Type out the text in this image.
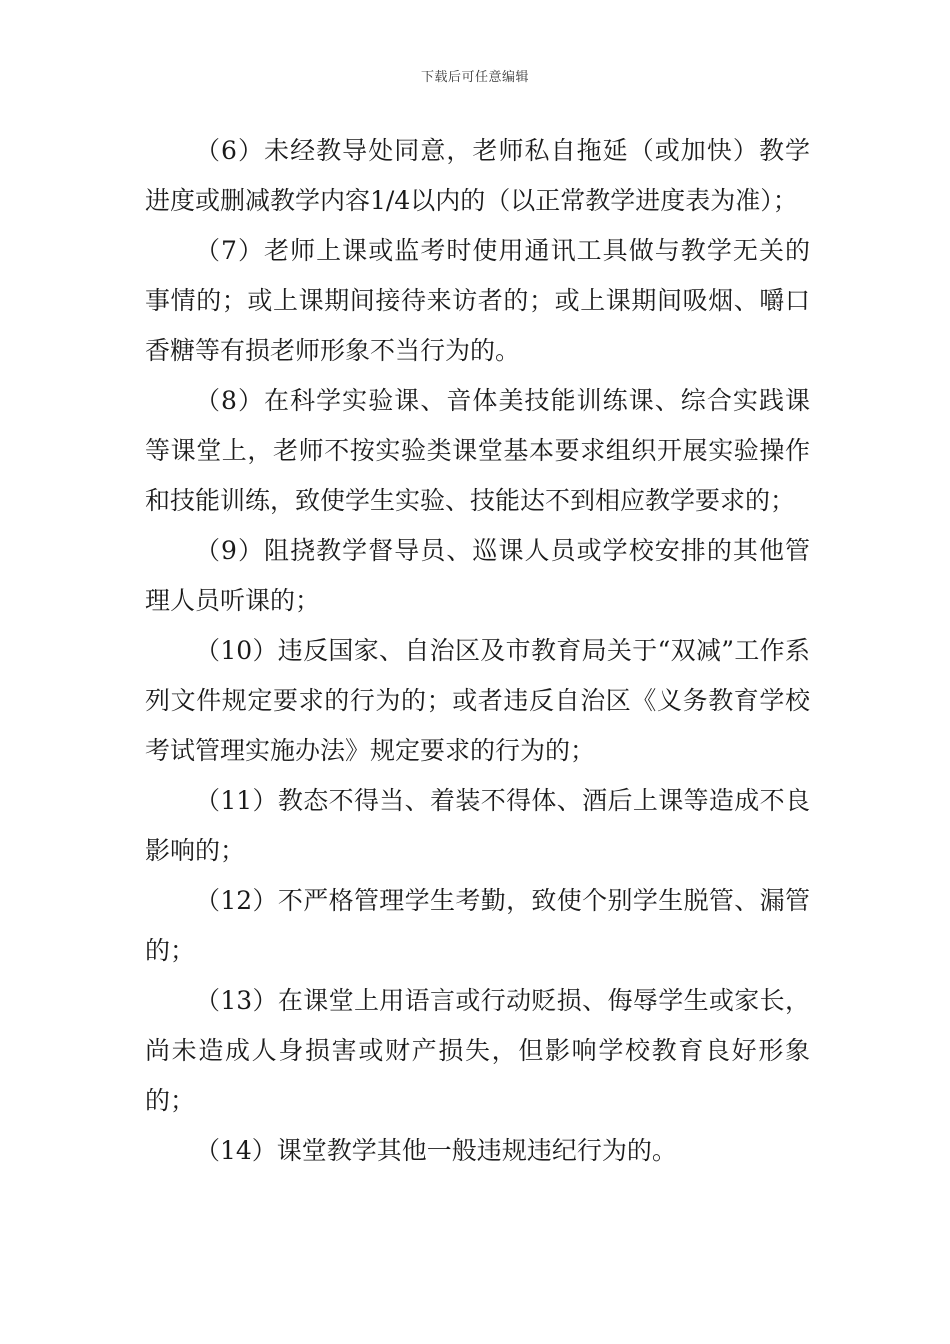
下载后可任意编辑

（6）未经教导处同意，老师私自拖延（或加快）教学进度或删减教学内容1/4以内的（以正常教学进度表为准）；

（7）老师上课或监考时使用通讯工具做与教学无关的事情的；或上课期间接待来访者的；或上课期间吸烟、嚼口香糖等有损老师形象不当行为的。

（8）在科学实验课、音体美技能训练课、综合实践课等课堂上，老师不按实验类课堂基本要求组织开展实验操作和技能训练，致使学生实验、技能达不到相应教学要求的；

（9）阻挠教学督导员、巡课人员或学校安排的其他管理人员听课的；

（10）违反国家、自治区及市教育局关于“双减”工作系列文件规定要求的行为的；或者违反自治区《义务教育学校考试管理实施办法》规定要求的行为的；

（11）教态不得当、着装不得体、酒后上课等造成不良影响的；

（12）不严格管理学生考勤，致使个别学生脱管、漏管的；

（13）在课堂上用语言或行动贬损、侮辱学生或家长，尚未造成人身损害或财产损失，但影响学校教育良好形象的；

（14）课堂教学其他一般违规违纪行为的。
